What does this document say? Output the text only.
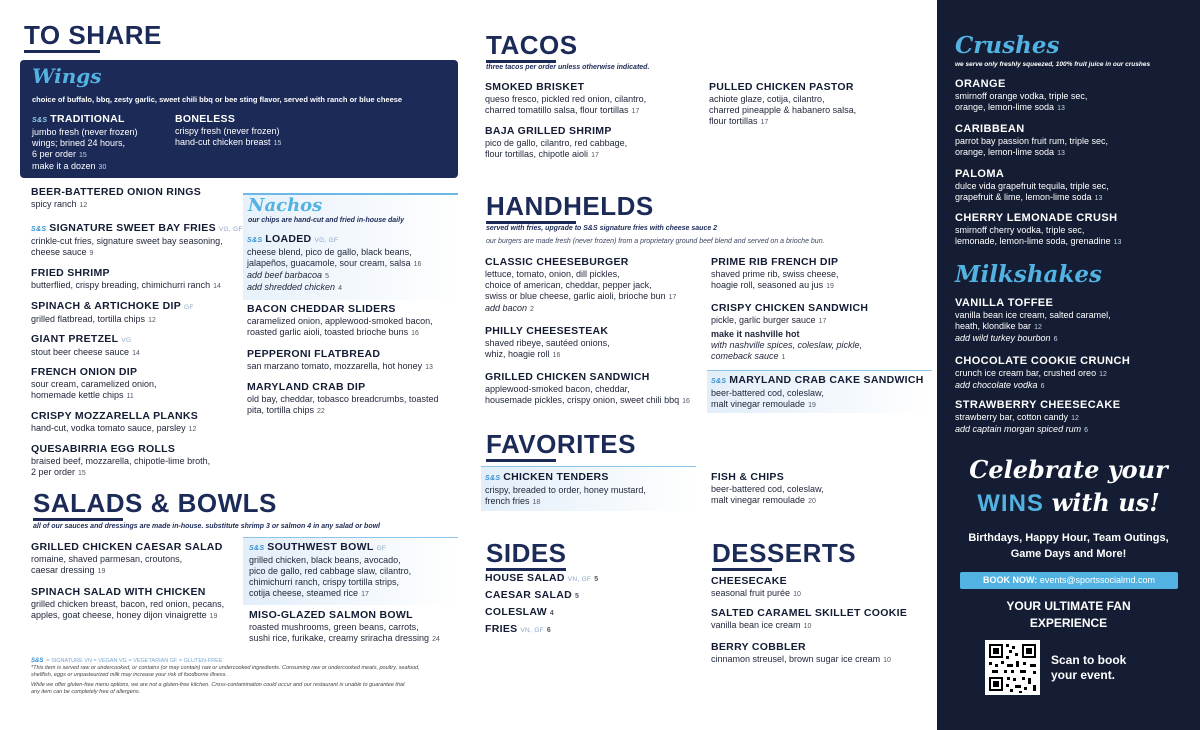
TO SHARE
Wings
choice of buffalo, bbq, zesty garlic, sweet chili bbq or bee sting flavor, served with ranch or blue cheese
S&S TRADITIONAL
jumbo fresh (never frozen)
wings; brined 24 hours,
6 per order 15
make it a dozen 30
BONELESS
crispy fresh (never frozen)
hand-cut chicken breast 15
BEER-BATTERED ONION RINGS
spicy ranch 12
S&S SIGNATURE SWEET BAY FRIES VG, GF
crinkle-cut fries, signature sweet bay seasoning,
cheese sauce 9
FRIED SHRIMP
butterflied, crispy breading, chimichurri ranch 14
SPINACH & ARTICHOKE DIP GF
grilled flatbread, tortilla chips 12
GIANT PRETZEL VG
stout beer cheese sauce 14
FRENCH ONION DIP
sour cream, caramelized onion,
homemade kettle chips 11
CRISPY MOZZARELLA PLANKS
hand-cut, vodka tomato sauce, parsley 12
QUESABIRRIA EGG ROLLS
braised beef, mozzarella, chipotle-lime broth,
2 per order 15
Nachos
our chips are hand-cut and fried in-house daily
S&S LOADED VG, GF
cheese blend, pico de gallo, black beans,
jalapeños, guacamole, sour cream, salsa 16
add beef barbacoa 5
add shredded chicken 4
BACON CHEDDAR SLIDERS
caramelized onion, applewood-smoked bacon,
roasted garlic aioli, toasted brioche buns 16
PEPPERONI FLATBREAD
san marzano tomato, mozzarella, hot honey 13
MARYLAND CRAB DIP
old bay, cheddar, tobasco breadcrumbs, toasted
pita, tortilla chips 22
SALADS & BOWLS
all of our sauces and dressings are made in-house. substitute shrimp 3 or salmon 4 in any salad or bowl
GRILLED CHICKEN CAESAR SALAD
romaine, shaved parmesan, croutons,
caesar dressing 19
SPINACH SALAD WITH CHICKEN
grilled chicken breast, bacon, red onion, pecans,
apples, goat cheese, honey dijon vinaigrette 19
S&S SOUTHWEST BOWL GF
grilled chicken, black beans, avocado,
pico de gallo, red cabbage slaw, cilantro,
chimichurri ranch, crispy tortilla strips,
cotija cheese, steamed rice 17
MISO-GLAZED SALMON BOWL
roasted mushrooms, green beans, carrots,
sushi rice, furikake, creamy sriracha dressing 24
S&S = SIGNATURE VN = VEGAN VG = VEGETARIAN GF = GLUTEN-FREE
*This item is served raw or undercooked, or contains (or may contain) raw or undercooked ingredients. Consuming raw or undercooked meats, poultry, seafood,
shellfish, eggs or unpasteurized milk may increase your risk of foodborne illness.
While we offer gluten-free menu options, we are not a gluten-free kitchen. Cross-contamination could occur and our restaurant is unable to guarantee that
any item can be completely free of allergens.
TACOS
three tacos per order unless otherwise indicated.
SMOKED BRISKET
queso fresco, pickled red onion, cilantro,
charred tomatillo salsa, flour tortillas 17
BAJA GRILLED SHRIMP
pico de gallo, cilantro, red cabbage,
flour tortillas, chipotle aioli 17
PULLED CHICKEN PASTOR
achiote glaze, cotija, cilantro,
charred pineapple & habanero salsa,
flour tortillas 17
HANDHELDS
served with fries, upgrade to S&S signature fries with cheese sauce 2
our burgers are made fresh (never frozen) from a proprietary ground beef blend and served on a brioche bun.
CLASSIC CHEESEBURGER
lettuce, tomato, onion, dill pickles,
choice of american, cheddar, pepper jack,
swiss or blue cheese, garlic aioli, brioche bun 17
add bacon 2
PHILLY CHEESESTEAK
shaved ribeye, sautéed onions,
whiz, hoagie roll 16
GRILLED CHICKEN SANDWICH
applewood-smoked bacon, cheddar,
housemade pickles, crispy onion, sweet chili bbq 16
PRIME RIB FRENCH DIP
shaved prime rib, swiss cheese,
hoagie roll, seasoned au jus 19
CRISPY CHICKEN SANDWICH
pickle, garlic burger sauce 17
make it nashville hot
with nashville spices, coleslaw, pickle,
comeback sauce 1
S&S MARYLAND CRAB CAKE SANDWICH
beer-battered cod, coleslaw,
malt vinegar remoulade 19
FAVORITES
S&S CHICKEN TENDERS
crispy, breaded to order, honey mustard,
french fries 18
FISH & CHIPS
beer-battered cod, coleslaw,
malt vinegar remoulade 20
SIDES
HOUSE SALAD VN, GF 5
CAESAR SALAD 5
COLESLAW 4
FRIES VN, GF 6
DESSERTS
CHEESECAKE
seasonal fruit purée 10
SALTED CARAMEL SKILLET COOKIE
vanilla bean ice cream 10
BERRY COBBLER
cinnamon streusel, brown sugar ice cream 10
Crushes
we serve only freshly squeezed, 100% fruit juice in our crushes
ORANGE
smirnoff orange vodka, triple sec,
orange, lemon-lime soda 13
CARIBBEAN
parrot bay passion fruit rum, triple sec,
orange, lemon-lime soda 13
PALOMA
dulce vida grapefruit tequila, triple sec,
grapefruit & lime, lemon-lime soda 13
CHERRY LEMONADE CRUSH
smirnoff cherry vodka, triple sec,
lemonade, lemon-lime soda, grenadine 13
Milkshakes
VANILLA TOFFEE
vanilla bean ice cream, salted caramel,
heath, klondike bar 12
add wild turkey bourbon 6
CHOCOLATE COOKIE CRUNCH
crunch ice cream bar, crushed oreo 12
add chocolate vodka 6
STRAWBERRY CHEESECAKE
strawberry bar, cotton candy 12
add captain morgan spiced rum 6
Celebrate your
WINS with us!
Birthdays, Happy Hour, Team Outings,
Game Days and More!
BOOK NOW: events@sportssocialmd.com
YOUR ULTIMATE FAN
EXPERIENCE
Scan to book
your event.
